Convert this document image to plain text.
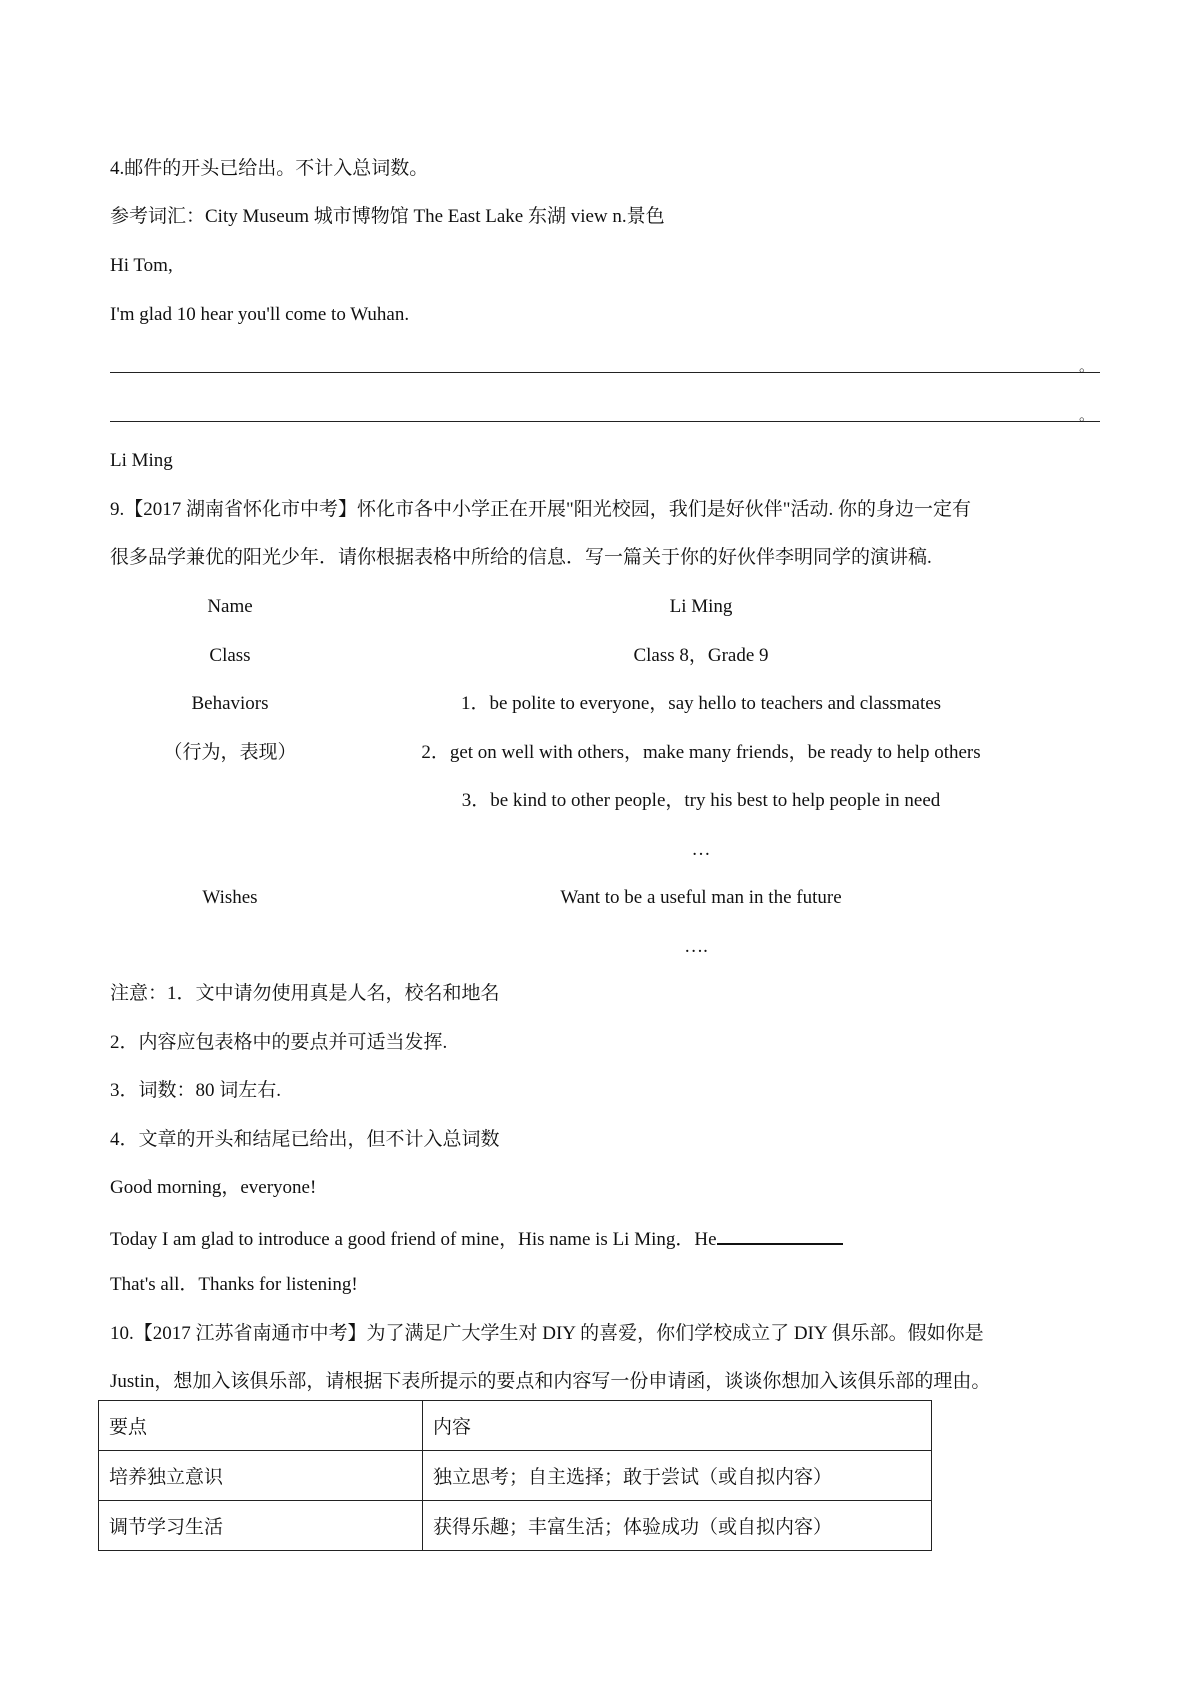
4.邮件的开头已给出。不计入总词数。
参考词汇：City Museum 城市博物馆 The East Lake 东湖 view n.景色
Hi Tom,
I'm glad 10 hear you'll come to Wuhan.
。
。
Li Ming
9.【2017 湖南省怀化市中考】怀化市各中小学正在开展"阳光校园，我们是好伙伴"活动. 你的身边一定有
很多品学兼优的阳光少年．请你根据表格中所给的信息．写一篇关于你的好伙伴李明同学的演讲稿.
Name	Li Ming
Class	Class 8，Grade 9
Behaviors	1．be polite to everyone，say hello to teachers and classmates
（行为，表现）	2．get on well with others，make many friends，be ready to help others
3．be kind to other people，try his best to help people in need
…
Wishes	Want to be a useful man in the future
….
注意：1．文中请勿使用真是人名，校名和地名
2．内容应包表格中的要点并可适当发挥.
3．词数：80 词左右.
4．文章的开头和结尾已给出，但不计入总词数
Good morning，everyone!
Today I am glad to introduce a good friend of mine，His name is Li Ming．He
That's all．Thanks for listening!
10.【2017 江苏省南通市中考】为了满足广大学生对 DIY 的喜爱，你们学校成立了 DIY 俱乐部。假如你是
Justin，想加入该俱乐部，请根据下表所提示的要点和内容写一份申请函，谈谈你想加入该俱乐部的理由。
要点	内容
培养独立意识	独立思考；自主选择；敢于尝试（或自拟内容）
调节学习生活	获得乐趣；丰富生活；体验成功（或自拟内容）
